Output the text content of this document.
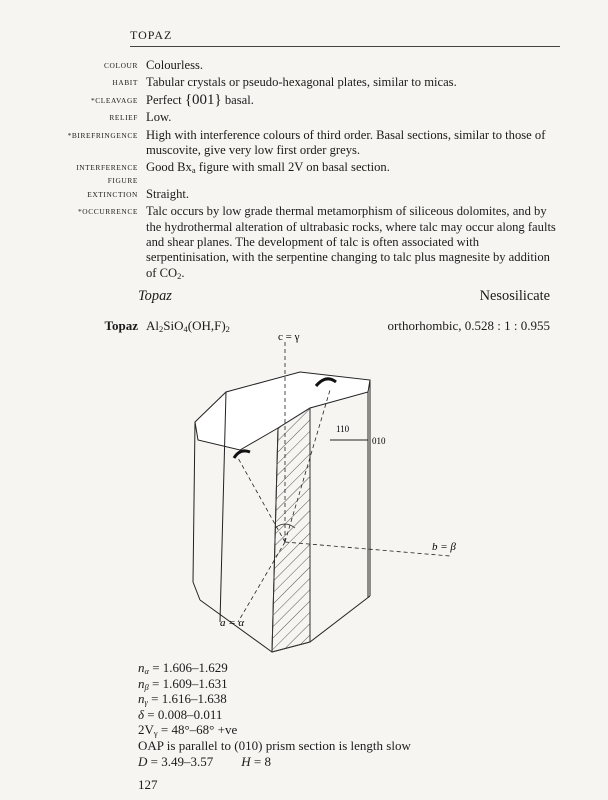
TOPAZ
COLOUR Colourless.
HABIT Tabular crystals or pseudo-hexagonal plates, similar to micas.
*CLEAVAGE Perfect {001} basal.
RELIEF Low.
*BIREFRINGENCE High with interference colours of third order. Basal sections, similar to those of muscovite, give very low first order greys.
INTERFERENCE
FIGURE
Good $Bx_a$ figure with small 2V on basal section.
EXTINCTION Straight.
*OCCURRENCE Talc occurs by low grade thermal metamorphism of siliceous dolomites, and by the hydrothermal alteration of ultrabasic rocks, where talc may occur along faults and shear planes. The development of talc is often associated with serpentinisation, with the serpentine changing to talc plus magnesite by addition of $CO_2$.
Topaz	Nesosilicate
Topaz $Al_2SiO_4(OH,F)_2$	orthorhombic, 0.528 : 1 : 0.955
c = γ
b = β
a = α
110
010
$n_\alpha = 1.606-1.629$
$n_\beta = 1.609-1.631$
$n_\gamma = 1.616-1.638$
δ = 0.008–0.011
$2V_\gamma = 48^\circ-68^\circ +ve$
OAP is parallel to (010) prism section is length slow
D = 3.49–3.57 H = 8
127
